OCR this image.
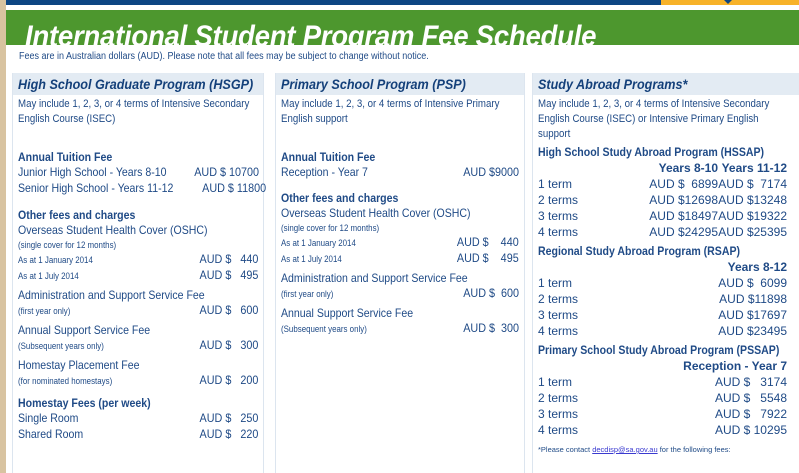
International Student Program Fee Schedule
Fees are in Australian dollars (AUD). Please note that all fees may be subject to change without notice.
High School Graduate Program (HSGP)
May include 1, 2, 3, or 4 terms of Intensive Secondary
English Course (ISEC)
Annual Tuition Fee
Junior High School - Years 8-10 AUD $ 10700
Senior High School - Years 11-12 AUD $ 11800
Other fees and charges
Overseas Student Health Cover (OSHC)
(single cover for 12 months)
As at 1 January 2014	AUD $   440
As at 1 July 2014	AUD $   495
Administration and Support Service Fee
(first year only)	AUD $   600
Annual Support Service Fee
(Subsequent years only)	AUD $   300
Homestay Placement Fee
(for nominated homestays)	AUD $   200
Homestay Fees (per week)
Single Room	AUD $   250
Shared Room	AUD $   220
Primary School Program (PSP)
May include 1, 2, 3, or 4 terms of Intensive Primary
English support
Annual Tuition Fee
Reception - Year 7	AUD $9000
Other fees and charges
Overseas Student Health Cover (OSHC)
(single cover for 12 months)
As at 1 January 2014	AUD $    440
As at 1 July 2014	AUD $    495
Administration and Support Service Fee
(first year only)	AUD $  600
Annual Support Service Fee
(Subsequent years only)	AUD $  300
Study Abroad Programs*
May include 1, 2, 3, or 4 terms of Intensive Secondary
English Course (ISEC) or Intensive Primary English
support
High School Study Abroad Program (HSSAP)
Years 8-10 Years 11-12
1 term	AUD $  6899 AUD $  7174
2 terms	AUD $12698 AUD $13248
3 terms	AUD $18497 AUD $19322
4 terms	AUD $24295 AUD $25395
Regional Study Abroad Program (RSAP)
Years 8-12
1 term	AUD $  6099
2 terms	AUD $11898
3 terms	AUD $17697
4 terms	AUD $23495
Primary School Study Abroad Program (PSSAP)
Reception - Year 7
1 term	AUD $   3174
2 terms	AUD $   5548
3 terms	AUD $   7922
4 terms	AUD $ 10295
*Please contact decdisp@sa.gov.au for the following fees:
